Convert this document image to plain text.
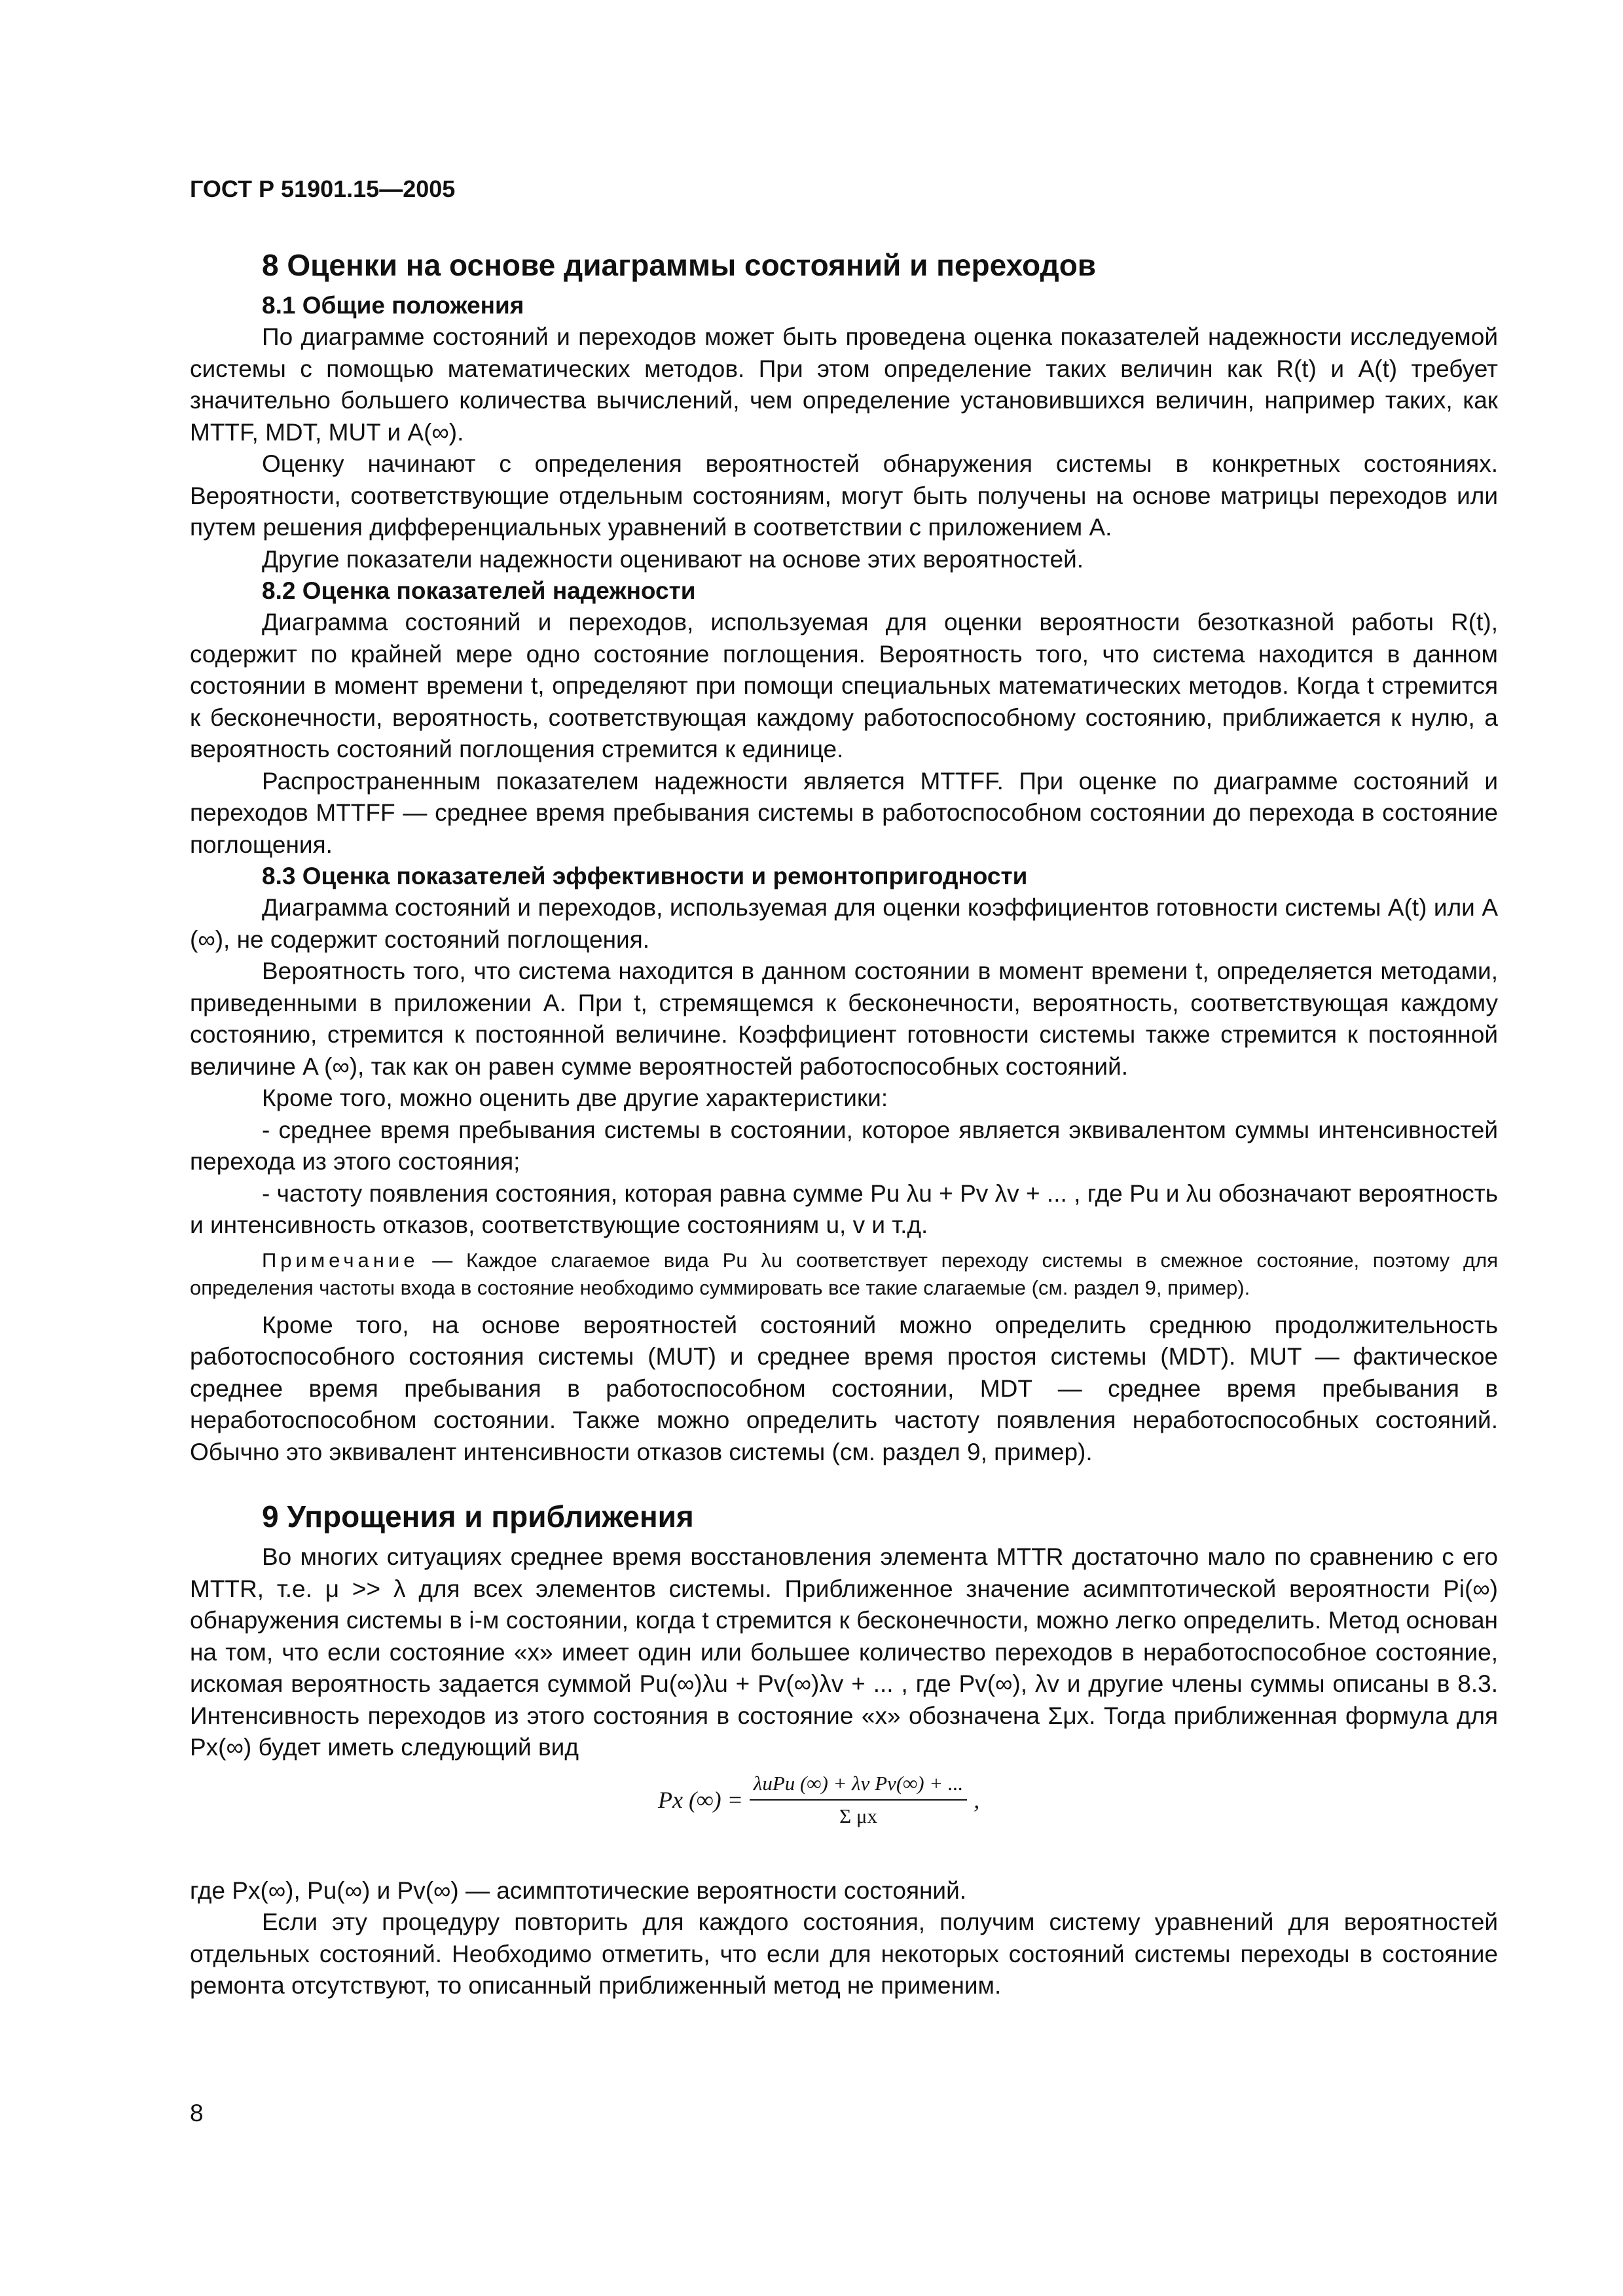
ГОСТ Р 51901.15—2005
8 Оценки на основе диаграммы состояний и переходов
8.1 Общие положения

По диаграмме состояний и переходов может быть проведена оценка показателей надежности исследуемой системы с помощью математических методов. При этом определение таких величин как R(t) и A(t) требует значительно большего количества вычислений, чем определение установившихся величин, например таких, как MTTF, MDT, MUT и A(∞).

Оценку начинают с определения вероятностей обнаружения системы в конкретных состояниях. Вероятности, соответствующие отдельным состояниям, могут быть получены на основе матрицы переходов или путем решения дифференциальных уравнений в соответствии с приложением А.

Другие показатели надежности оценивают на основе этих вероятностей.

8.2 Оценка показателей надежности

Диаграмма состояний и переходов, используемая для оценки вероятности безотказной работы R(t), содержит по крайней мере одно состояние поглощения. Вероятность того, что система находится в данном состоянии в момент времени t, определяют при помощи специальных математических методов. Когда t стремится к бесконечности, вероятность, соответствующая каждому работоспособному состоянию, приближается к нулю, а вероятность состояний поглощения стремится к единице.

Распространенным показателем надежности является MTTFF. При оценке по диаграмме состояний и переходов MTTFF — среднее время пребывания системы в работоспособном состоянии до перехода в состояние поглощения.

8.3 Оценка показателей эффективности и ремонтопригодности

Диаграмма состояний и переходов, используемая для оценки коэффициентов готовности системы A(t) или A (∞), не содержит состояний поглощения.

Вероятность того, что система находится в данном состоянии в момент времени t, определяется методами, приведенными в приложении А. При t, стремящемся к бесконечности, вероятность, соответствующая каждому состоянию, стремится к постоянной величине. Коэффициент готовности системы также стремится к постоянной величине A (∞), так как он равен сумме вероятностей работоспособных состояний.

Кроме того, можно оценить две другие характеристики:

- среднее время пребывания системы в состоянии, которое является эквивалентом суммы интенсивностей перехода из этого состояния;

- частоту появления состояния, которая равна сумме Pu λu + Pv λv + ... , где Pu и λu обозначают вероятность и интенсивность отказов, соответствующие состояниям u, v и т.д.

Примечание — Каждое слагаемое вида Pu λu соответствует переходу системы в смежное состояние, поэтому для определения частоты входа в состояние необходимо суммировать все такие слагаемые (см. раздел 9, пример).

Кроме того, на основе вероятностей состояний можно определить среднюю продолжительность работоспособного состояния системы (MUT) и среднее время простоя системы (MDT). MUT — фактическое среднее время пребывания в работоспособном состоянии, MDT — среднее время пребывания в неработоспособном состоянии. Также можно определить частоту появления неработоспособных состояний. Обычно это эквивалент интенсивности отказов системы (см. раздел 9, пример).

9 Упрощения и приближения

Во многих ситуациях среднее время восстановления элемента MTTR достаточно мало по сравнению с его MTTR, т.е. μ >> λ для всех элементов системы. Приближенное значение асимптотической вероятности Pi(∞) обнаружения системы в i-м состоянии, когда t стремится к бесконечности, можно легко определить. Метод основан на том, что если состояние «x» имеет один или большее количество переходов в неработоспособное состояние, искомая вероятность задается суммой Pu(∞)λu + Pv(∞)λv + ... , где Pv(∞), λv и другие члены суммы описаны в 8.3. Интенсивность переходов из этого состояния в состояние «x» обозначена Σμx. Тогда приближенная формула для Px(∞) будет иметь следующий вид

Px (∞) = $\frac{\text{λuPu (∞) + λv Pv(∞) + ...}}{\text{Σ μx}}$ ,

где Px(∞), Pu(∞) и Pv(∞) — асимптотические вероятности состояний.

Если эту процедуру повторить для каждого состояния, получим систему уравнений для вероятностей отдельных состояний. Необходимо отметить, что если для некоторых состояний системы переходы в состояние ремонта отсутствуют, то описанный приближенный метод не применим.

8
